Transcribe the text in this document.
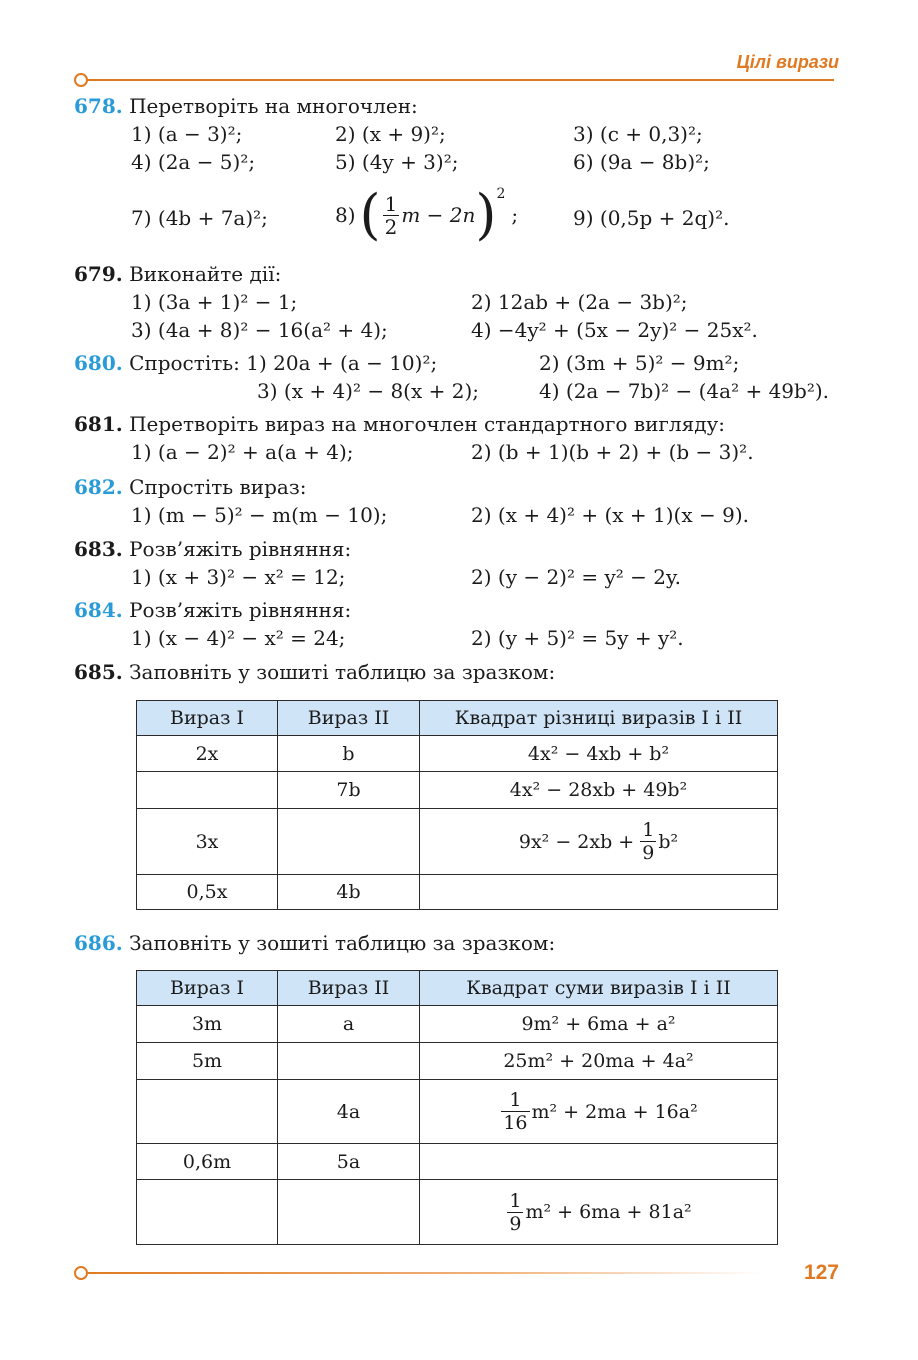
Цілі вирази
678. Перетворіть на многочлен:
1) (a − 3)²;	2) (x + 9)²;	3) (c + 0,3)²;
4) (2a − 5)²;	5) (4y + 3)²;	6) (9a − 8b)²;
7) (4b + 7a)²;	8) ( $\frac{1}{2}$ m − 2n ) 2
;	9) (0,5p + 2q)².
679. Виконайте дії:
1) (3a + 1)² − 1;	2) 12ab + (2a − 3b)²;
3) (4a + 8)² − 16(a² + 4);	4) −4y² + (5x − 2y)² − 25x².
680. Спростіть: 1) 20a + (a − 10)²;	2) (3m + 5)² − 9m²;
3) (x + 4)² − 8(x + 2);	4) (2a − 7b)² − (4a² + 49b²).
681. Перетворіть вираз на многочлен стандартного вигляду:
1) (a − 2)² + a(a + 4);	2) (b + 1)(b + 2) + (b − 3)².
682. Спростіть вираз:
1) (m − 5)² − m(m − 10);	2) (x + 4)² + (x + 1)(x − 9).
683. Розв’яжіть рівняння:
1) (x + 3)² − x² = 12;	2) (y − 2)² = y² − 2y.
684. Розв’яжіть рівняння:
1) (x − 4)² − x² = 24;	2) (y + 5)² = 5y + y².
685. Заповніть у зошиті таблицю за зразком:
Вираз I	Вираз II	Квадрат різниці виразів I і II
2x	b	4x² − 4xb + b²
	7b	4x² − 28xb + 49b²
3x		$9x^2 - 2xb + \frac{1}{9} b^2$

0,5x	4b	
686. Заповніть у зошиті таблицю за зразком:
Вираз I	Вираз II	Квадрат суми виразів I і II
3m	a	9m² + 6ma + a²
5m		25m² + 20ma + 4a²
	4a	$\frac{1}{16} m^2 + 2ma + 16a^2$

0,6m	5a	

		$\frac{1}{9} m^2 + 6ma + 81a^2$
127
